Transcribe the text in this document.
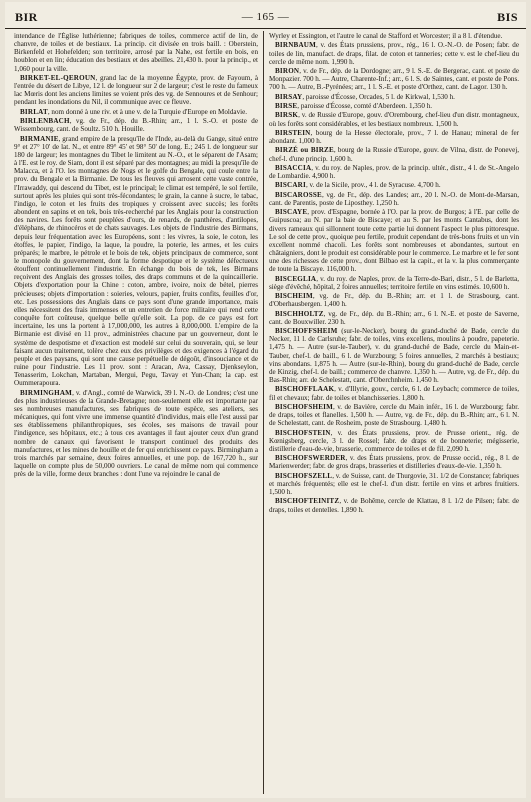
BIR	— 165 —	BIS

intendance de l'Église luthérienne; fabriques de toiles, commerce actif de lin, de chanvre, de toiles et de bestiaux. La princip. cit divisée en trois baill. : Oberstein, Birkenfeld et Hohefelden; son territoire, arrosé par la Nahe, est fertile en bois, en houblon et en lin; éducation des bestiaux et des abeilles. 21,430 h. pour la princip., et 1,060 pour la ville.

BIRKET-EL-QEROUN, grand lac de la moyenne Égypte, prov. de Fayoum, à l'entrée du désert de Libye, 12 l. de longueur sur 2 de largeur; c'est le reste du fameux lac Mœris dont les anciens limites se voient près des vg. de Sennoures et de Senhour; pendant les inondations du Nil, il communique avec ce fleuve.

BIRLAT, nom donné à une riv. et à une v. de la Turquie d'Europe en Moldavie.

BIRLENBACH, vg. de Fr., dép. du B.-Rhin; arr., 1 l. S.-O. et poste de Wissembourg, cant. de Soultz. 510 h. Houille.

BIRMANIE, grand empire de la presqu'île de l'Inde, au-delà du Gange, situé entre 9° et 27° 10' de lat. N., et entre 89° 45' et 98° 50' de long. E.; 245 l. de longueur sur 180 de largeur; les montagnes du Tibet le limitent au N.-O., et le séparent de l'Asam; à l'E. est le roy. de Siam, dont il est séparé par des montagnes; au midi la presqu'île de Malacca, et à l'O. les montagnes de Nogs et le golfe du Bengale, qui coule entre la prov. du Bengale et la Birmanie. De tous les fleuves qui arrosent cette vaste contrée, l'Irrawaddy, qui descend du Tibet, est le principal; le climat est tempéré, le sol fertile, surtout après les pluies qui sont très-fécondantes; le grain, la canne à sucre, le tabac, l'indigo, le coton et les fruits des tropiques y croissent avec succès; les forêts abondent en sapins et en tek, bois très-recherché par les Anglais pour la construction des navires. Les forêts sont peuplées d'ours, de renards, de panthères, d'antilopes, d'éléphans, de rhinocéros et de chats sauvages. Les objets de l'industrie des Birmans, depuis leur fréquentation avec les Européens, sont : les vivres, la soie, le coton, les étoffes, le papier, l'indigo, la laque, la poudre, la poterie, les armes, et les cuirs préparés; le marbre, le pétrole et le bois de tek, objets principaux de commerce, sont le monopole du gouvernement, dont la forme despotique et le système défectueux étouffent continuellement l'industrie. En échange du bois de tek, les Birmans reçoivent des Anglais des grosses toiles, des draps communs et de la quincaillerie. Objets d'exportation pour la Chine : coton, ambre, ivoire, noix de bétel, pierres précieuses; objets d'importation : soieries, velours, papier, fruits confits, feuilles d'or, etc. Les possessions des Anglais dans ce pays sont d'une grande importance, mais elles nécessitent des frais immenses et un entretien de force militaire qui rend cette conquête fort coûteuse, quelque belle qu'elle soit. La pop. de ce pays est fort incertaine, les uns la portent à 17,000,000, les autres à 8,000,000. L'empire de la Birmanie est divisé en 11 prov., administrées chacune par un gouverneur, dont le système de despotisme et d'exaction est modelé sur celui du souverain, qui, se leur faisant aucun traitement, tolère chez eux des privilèges et des exigences à l'égard du peuple et des paysans, qui sont une cause perpétuelle de dégoût, d'insouciance et de ruine pour l'industrie. Les 11 prov. sont : Aracan, Ava, Cassay, Djenkseylon, Tenasserim, Lokchan, Martaban, Mergui, Pegu, Tavay et Yun-Chan; la cap. est Oummerapoura.

BIRMINGHAM, v. d'Angl., comté de Warwick, 39 l. N.-O. de Londres; c'est une des plus industrieuses de la Grande-Bretagne; non-seulement elle est importante par ses nombreuses manufactures, ses fabriques de toute espèce, ses ateliers, ses mécaniques, qui font vivre une immense quantité d'individus, mais elle l'est aussi par ses établissemens philanthropiques, ses écoles, ses maisons de travail pour l'indigence, ses hôpitaux, etc.; à tous ces avantages il faut ajouter ceux d'un grand nombre de canaux qui favorisent le transport continuel des produits des manufactures, et les mines de houille et de fer qui enrichissent ce pays. Birmingham a trois marchés par semaine, deux foires annuelles, et une pop. de 167,720 h., sur laquelle on compte plus de 50,000 ouvriers. Le canal de même nom qui commence près de la ville, forme deux branches : dont l'une va rejoindre le canal de

Wyrley et Essington, et l'autre le canal de Stafford et Worcester; il a 8 l. d'étendue.

BIRNBAUM, v. des États prussiens, prov., rég., 16 l. O.-N.-O. de Posen; fabr. de toiles de lin, manufact. de draps, filat. de coton et tanneries; cette v. est le chef-lieu du cercle de même nom. 1,990 h.

BIRON, v. de Fr., dép. de la Dordogne; arr., 9 l. S.-E. de Bergerac, cant. et poste de Monpazier. 700 h. — Autre, Charente-Inf.; arr., 6 l. S. de Saintes, cant. et poste de Pons. 700 h. — Autre, B.-Pyrénées; arr., 1 l. S.-E. et poste d'Orthez, cant. de Lagor. 130 h.

BIRSAY, paroisse d'Écosse, Orcades, 5 l. de Kirkwal, 1,530 h.

BIRSE, paroisse d'Écosse, comté d'Aberdeen. 1,350 h.

BIRSK, v. de Russie d'Europe, gouv. d'Orembourg, chef-lieu d'un distr. montagneux, où les forêts sont considérables, et les bestiaux nombreux. 1,500 h.

BIRSTEIN, bourg de la Hesse électorale, prov., 7 l. de Hanau; mineral de fer abondant. 1,000 h.

BIRZÉ ou BIRZE, bourg de la Russie d'Europe, gouv. de Vilna, distr. de Ponevej, chef-l. d'une princip. 1,600 h.

BISACCIA, v. du roy. de Naples, prov. de la princip. ultér., distr., 4 l. de St.-Angelo de Lombardie. 4,900 h.

BISCARI, v. de la Sicile, prov., 4 l. de Syracuse. 4,700 h.

BISCAROSSE, vg. de Fr., dép. des Landes; arr., 20 l. N.-O. de Mont-de-Marsan, cant. de Parentis, poste de Liposthey. 1,250 h.

BISCAYE, prov. d'Espagne, bornée à l'O. par la prov. de Burgos; à l'E. par celle de Guipuscoa; au N. par la baie de Biscaye; et au S. par les monts Cantabus, dont les divers rameaux qui sillonnent toute cette partie lui donnent l'aspect le plus pittoresque. Le sol de cette prov., quoique peu fertile, produit cependant de très-bons fruits et un vin excellent nommé chacoli. Les forêts sont nombreuses et abondantes, surtout en châtaigniers, dont le produit est considérable pour le commerce. Le marbre et le fer sont une des richesses de cette prov., dont Bilbao est la capit., et la v. la plus commerçante de toute la Biscaye. 116,000 h.

BISCEGLIA, v. du roy. de Naples, prov. de la Terre-de-Bari, distr., 5 l. de Barletta, siège d'évêché, hôpital, 2 foires annuelles; territoire fertile en vins estimés. 10,600 h.

BISCHEIM, vg. de Fr., dép. du B.-Rhin; arr. et 1 l. de Strasbourg, cant. d'Oberhausbergen. 1,400 h.

BISCHHOLTZ, vg. de Fr., dép. du B.-Rhin; arr., 6 l. N.-E. et poste de Saverne, cant. de Bouxwiller. 230 h.

BISCHOFFSHEIM (sur-le-Necker), bourg du grand-duché de Bade, cercle du Necker, 11 l. de Carlsruhe; fabr. de toiles, vins excellens, moulins à poudre, papeterie. 1,475 h. — Autre (sur-le-Tauber), v. du grand-duché de Bade, cercle du Main-et-Tauber, chef-l. de baill., 6 l. de Wurzbourg; 5 foires annuelles, 2 marchés à bestiaux; vins abondans. 1,875 h. — Autre (sur-le-Rhin), bourg du grand-duché de Bade, cercle de Kinzig, chef-l. de baill.; commerce de chanvre. 1,350 h. — Autre, vg. de Fr., dép. du Bas-Rhin; arr. de Schelestatt, cant. d'Oberchnheim. 1,450 h.

BISCHOFFLAAK, v. d'Illyrie, gouv., cercle, 6 l. de Leybach; commerce de toiles, fil et chevaux; fabr. de toiles et blanchisseries. 1,800 h.

BISCHOFSHEIM, v. de Bavière, cercle du Main infér., 16 l. de Wurzbourg; fabr. de draps, toiles et flanelles. 1,500 h. — Autre, vg. de Fr., dép. du B.-Rhin; arr., 6 l. N. de Schelestatt, cant. de Rosheim, poste de Strasbourg. 1,480 h.

BISCHOFSTEIN, v. des États prussiens, prov. de Prusse orient., rég. de Kœnigsberg, cercle, 3 l. de Rossel; fabr. de draps et de bonneterie; mégisserie, distillerie d'eau-de-vie, brasserie, commerce de toiles et de fil. 2,090 h.

BISCHOFSWERDER, v. des États prussiens, prov. de Prusse occid., rég., 8 l. de Marienwerder; fabr. de gros draps, brasseries et distilleries d'eaux-de-vie. 1,350 h.

BISCHOFSZELL, v. de Suisse, cant. de Thurgovie, 31. 1/2 de Constance; fabriques et marchés fréquentés; elle est le chef-l. d'un distr. fertile en vins et arbres fruitiers. 1,500 h.

BISCHOFTEINITZ, v. de Bohême, cercle de Klattau, 8 l. 1/2 de Pilsen; fabr. de draps, toiles et dentelles. 1,890 h.
